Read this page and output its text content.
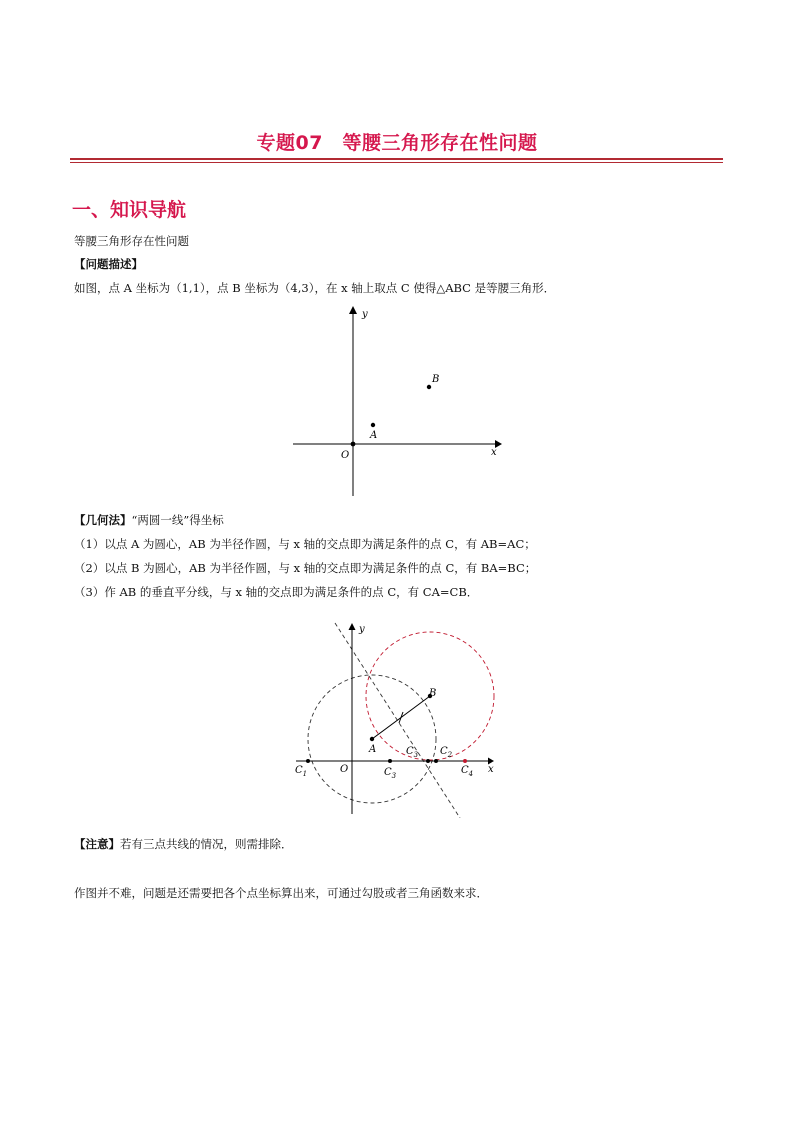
专题07　等腰三角形存在性问题
一、知识导航
等腰三角形存在性问题
【问题描述】
如图，点 A 坐标为（1,1），点 B 坐标为（4,3），在 x 轴上取点 C 使得△ABC 是等腰三角形．
y
x
O
A
B
【几何法】“两圆一线”得坐标
（1）以点 A 为圆心，AB 为半径作圆，与 x 轴的交点即为满足条件的点 C，有 AB=AC；
（2）以点 B 为圆心，AB 为半径作圆，与 x 轴的交点即为满足条件的点 C，有 BA=BC；
（3）作 AB 的垂直平分线，与 x 轴的交点即为满足条件的点 C，有 CA=CB．
y
x
O
A
B
$C_1$	$C_3$
$C_3$ $C_2$
$C_4$
【注意】若有三点共线的情况，则需排除．
作图并不难，问题是还需要把各个点坐标算出来，可通过勾股或者三角函数来求．
